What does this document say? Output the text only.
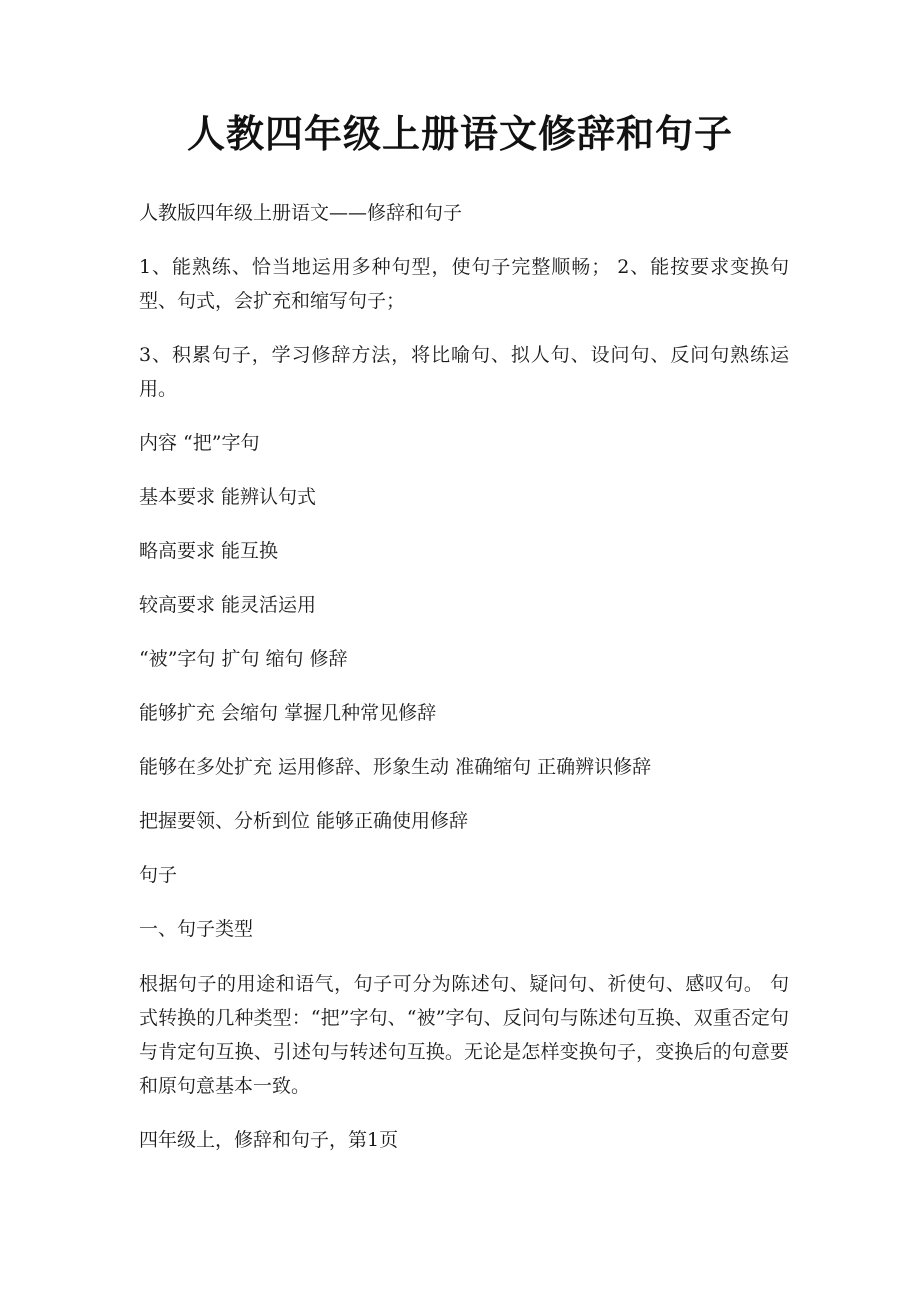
人教四年级上册语文修辞和句子

人教版四年级上册语文——修辞和句子

1、能熟练、恰当地运用多种句型，使句子完整顺畅； 2、能按要求变换句型、句式，会扩充和缩写句子；

3、积累句子，学习修辞方法，将比喻句、拟人句、设问句、反问句熟练运用。

内容 “把”字句

基本要求 能辨认句式

略高要求 能互换

较高要求 能灵活运用

“被”字句 扩句 缩句 修辞

能够扩充 会缩句 掌握几种常见修辞

能够在多处扩充 运用修辞、形象生动 准确缩句 正确辨识修辞

把握要领、分析到位 能够正确使用修辞

句子

一、句子类型

根据句子的用途和语气，句子可分为陈述句、疑问句、祈使句、感叹句。 句式转换的几种类型：“把”字句、“被”字句、反问句与陈述句互换、双重否定句与肯定句互换、引述句与转述句互换。无论是怎样变换句子，变换后的句意要和原句意基本一致。

四年级上，修辞和句子，第1页
